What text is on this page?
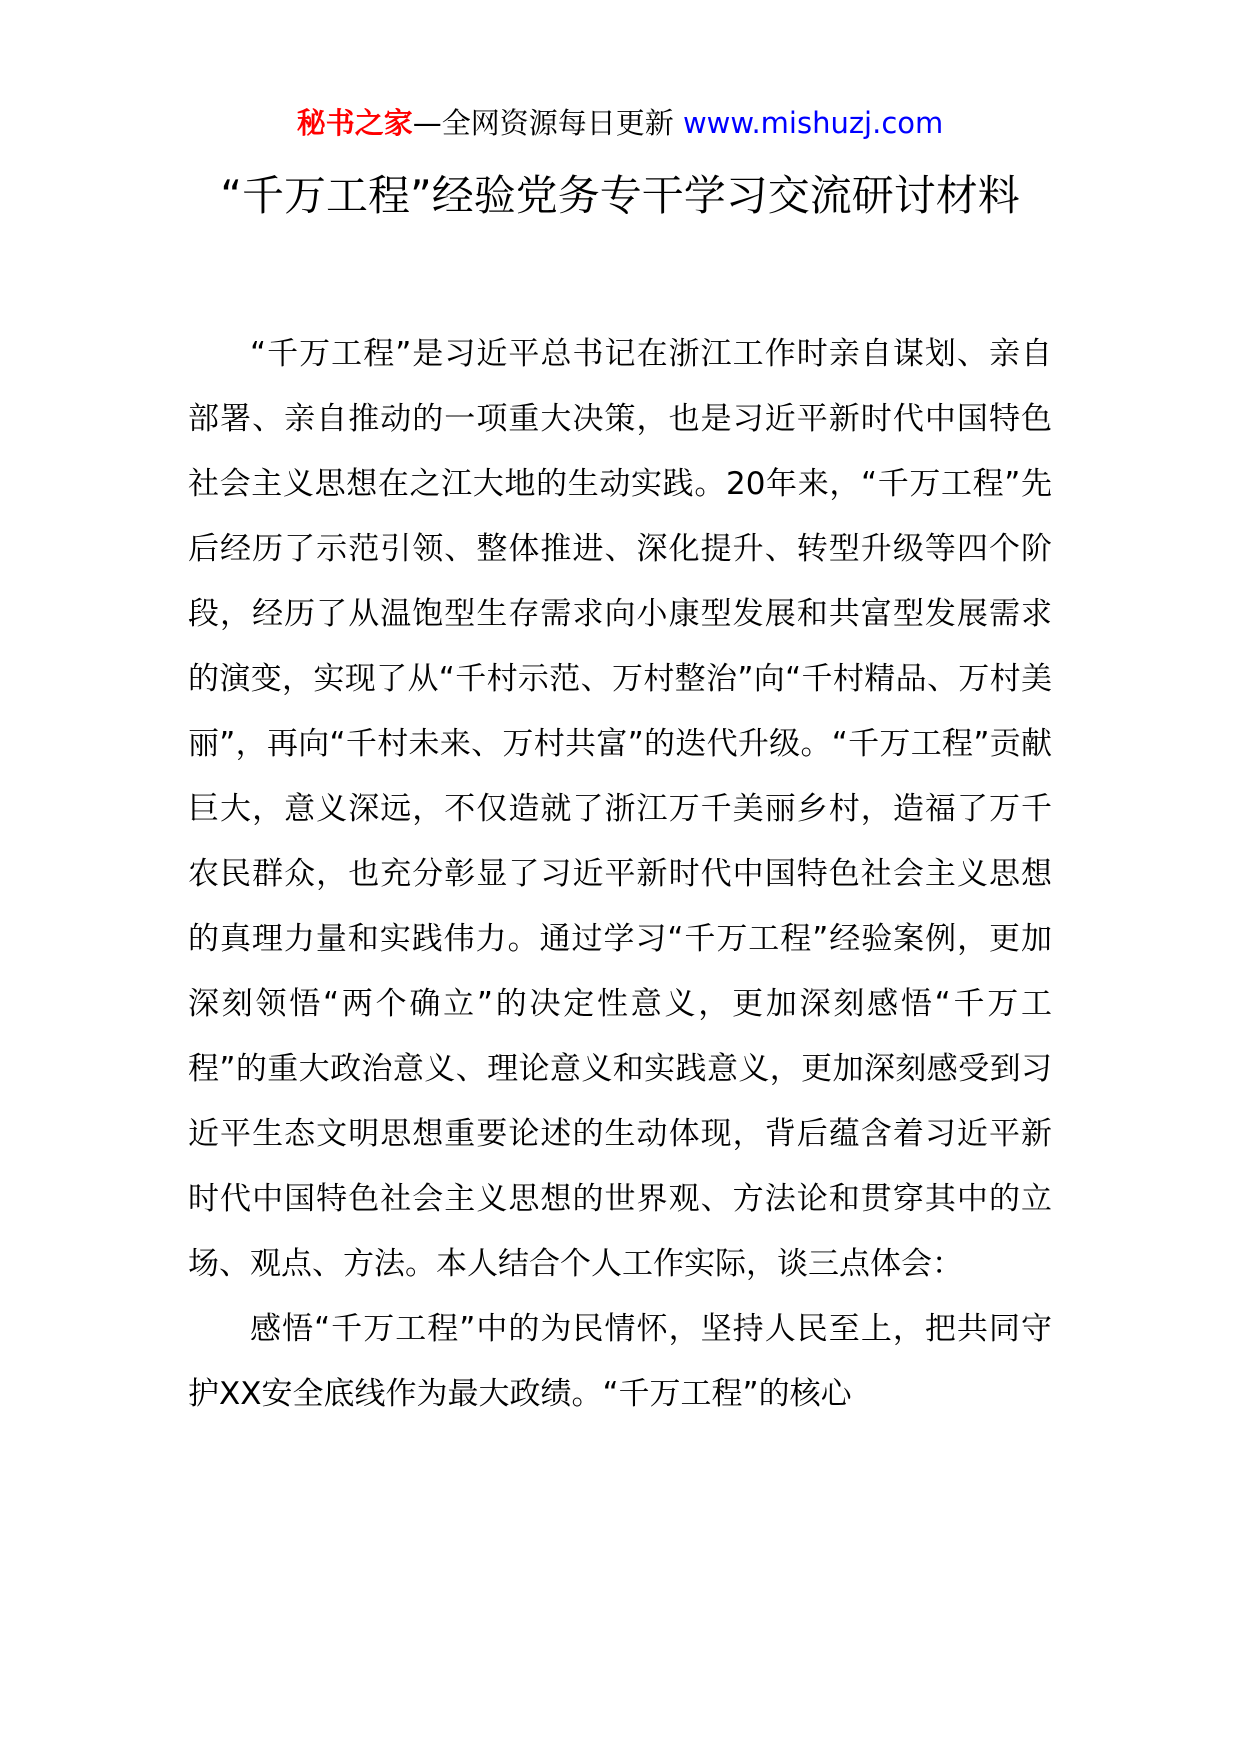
秘书之家—全网资源每日更新 www.mishuzj.com
“千万工程”经验党务专干学习交流研讨材料

“千万工程”是习近平总书记在浙江工作时亲自谋划、亲自部署、亲自推动的一项重大决策，也是习近平新时代中国特色社会主义思想在之江大地的生动实践。20年来，“千万工程”先后经历了示范引领、整体推进、深化提升、转型升级等四个阶段，经历了从温饱型生存需求向小康型发展和共富型发展需求的演变，实现了从“千村示范、万村整治”向“千村精品、万村美丽”，再向“千村未来、万村共富”的迭代升级。“千万工程”贡献巨大，意义深远，不仅造就了浙江万千美丽乡村，造福了万千农民群众，也充分彰显了习近平新时代中国特色社会主义思想的真理力量和实践伟力。通过学习“千万工程”经验案例，更加深刻领悟“两个确立”的决定性意义，更加深刻感悟“千万工程”的重大政治意义、理论意义和实践意义，更加深刻感受到习近平生态文明思想重要论述的生动体现，背后蕴含着习近平新时代中国特色社会主义思想的世界观、方法论和贯穿其中的立场、观点、方法。本人结合个人工作实际，谈三点体会：

感悟“千万工程”中的为民情怀，坚持人民至上，把共同守护XX安全底线作为最大政绩。“千万工程”的核心
